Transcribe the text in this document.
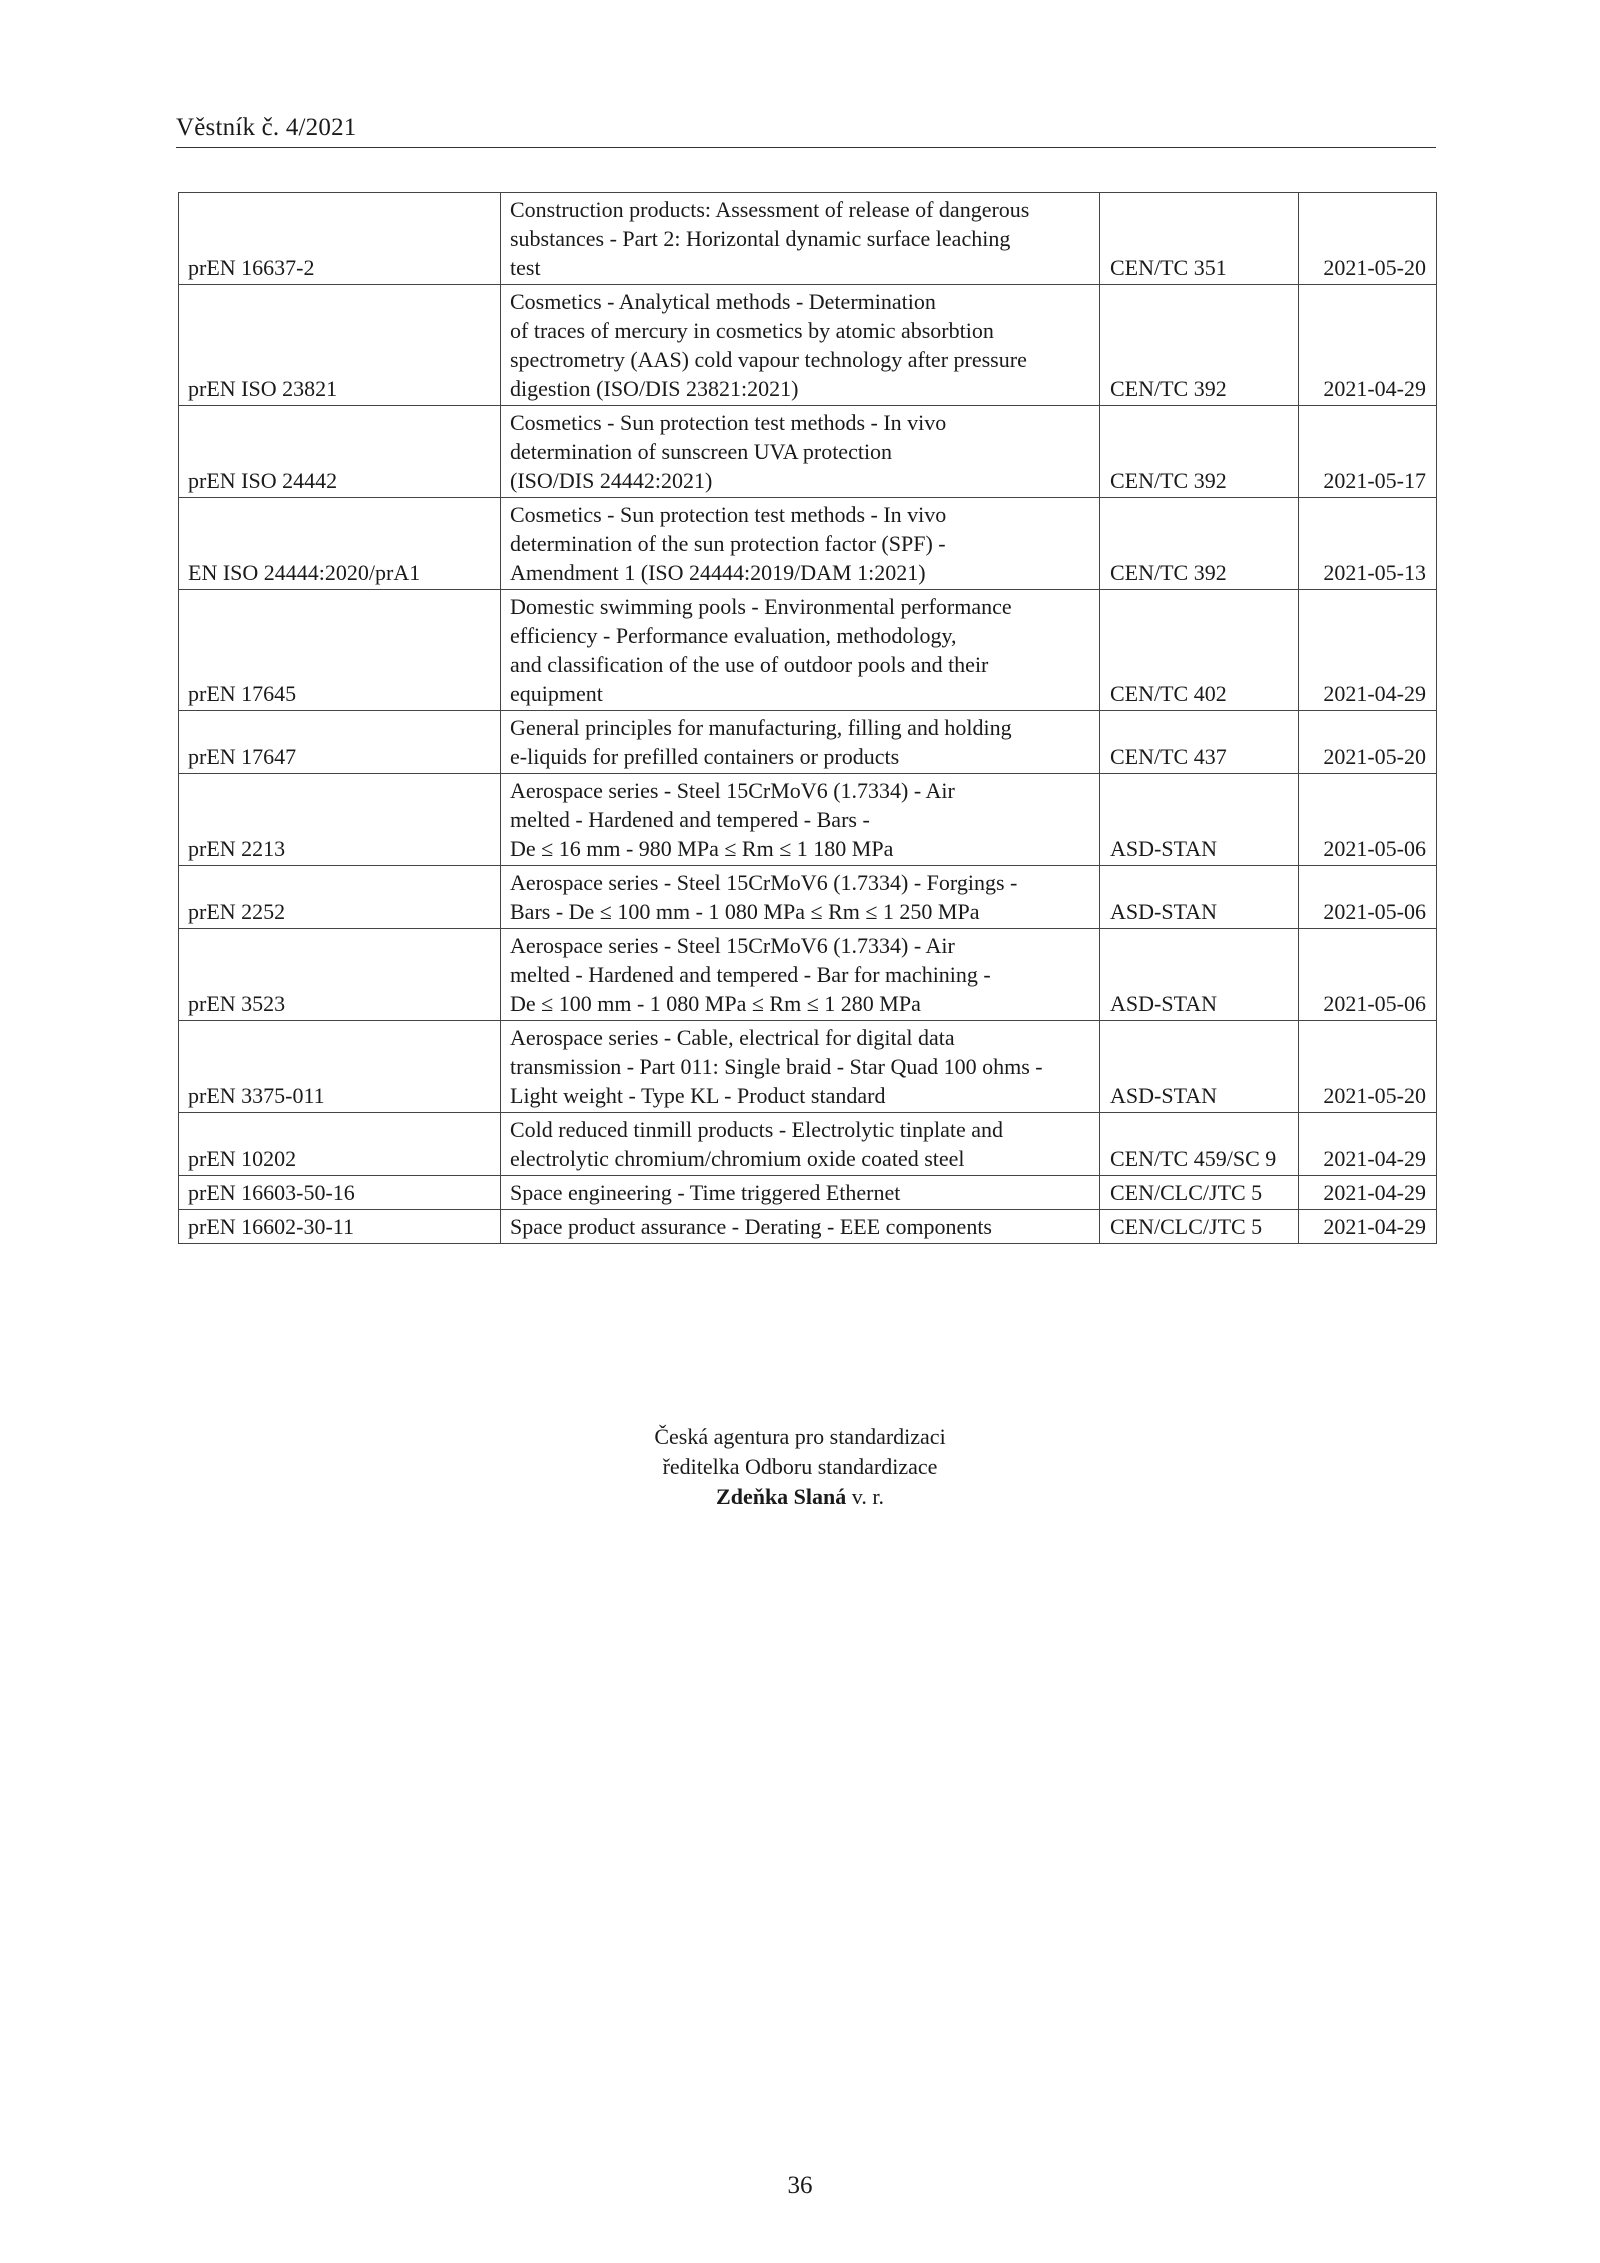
Věstník č. 4/2021
prEN 16637-2	Construction products: Assessment of release of dangerous
substances - Part 2: Horizontal dynamic surface leaching
test	CEN/TC 351	2021-05-20
prEN ISO 23821	Cosmetics - Analytical methods - Determination
of traces of mercury in cosmetics by atomic absorbtion
spectrometry (AAS) cold vapour technology after pressure
digestion (ISO/DIS 23821:2021)	CEN/TC 392	2021-04-29
prEN ISO 24442	Cosmetics - Sun protection test methods - In vivo
determination of sunscreen UVA protection
(ISO/DIS 24442:2021)	CEN/TC 392	2021-05-17
EN ISO 24444:2020/prA1	Cosmetics - Sun protection test methods - In vivo
determination of the sun protection factor (SPF) -
Amendment 1 (ISO 24444:2019/DAM 1:2021)	CEN/TC 392	2021-05-13
prEN 17645	Domestic swimming pools - Environmental performance
efficiency - Performance evaluation, methodology,
and classification of the use of outdoor pools and their
equipment	CEN/TC 402	2021-04-29
prEN 17647	General principles for manufacturing, filling and holding
e-liquids for prefilled containers or products	CEN/TC 437	2021-05-20
prEN 2213	Aerospace series - Steel 15CrMoV6 (1.7334) - Air
melted - Hardened and tempered - Bars -
De ≤ 16 mm - 980 MPa ≤ Rm ≤ 1 180 MPa	ASD-STAN	2021-05-06
prEN 2252	Aerospace series - Steel 15CrMoV6 (1.7334) - Forgings -
Bars - De ≤ 100 mm - 1 080 MPa ≤ Rm ≤ 1 250 MPa	ASD-STAN	2021-05-06
prEN 3523	Aerospace series - Steel 15CrMoV6 (1.7334) - Air
melted - Hardened and tempered - Bar for machining -
De ≤ 100 mm - 1 080 MPa ≤ Rm ≤ 1 280 MPa	ASD-STAN	2021-05-06
prEN 3375-011	Aerospace series - Cable, electrical for digital data
transmission - Part 011: Single braid - Star Quad 100 ohms -
Light weight - Type KL - Product standard	ASD-STAN	2021-05-20
prEN 10202	Cold reduced tinmill products - Electrolytic tinplate and
electrolytic chromium/chromium oxide coated steel	CEN/TC 459/SC 9	2021-04-29
prEN 16603-50-16	Space engineering - Time triggered Ethernet	CEN/CLC/JTC 5	2021-04-29
prEN 16602-30-11	Space product assurance - Derating - EEE components	CEN/CLC/JTC 5	2021-04-29
Česká agentura pro standardizaci
ředitelka Odboru standardizace
Zdeňka Slaná v. r.
36
